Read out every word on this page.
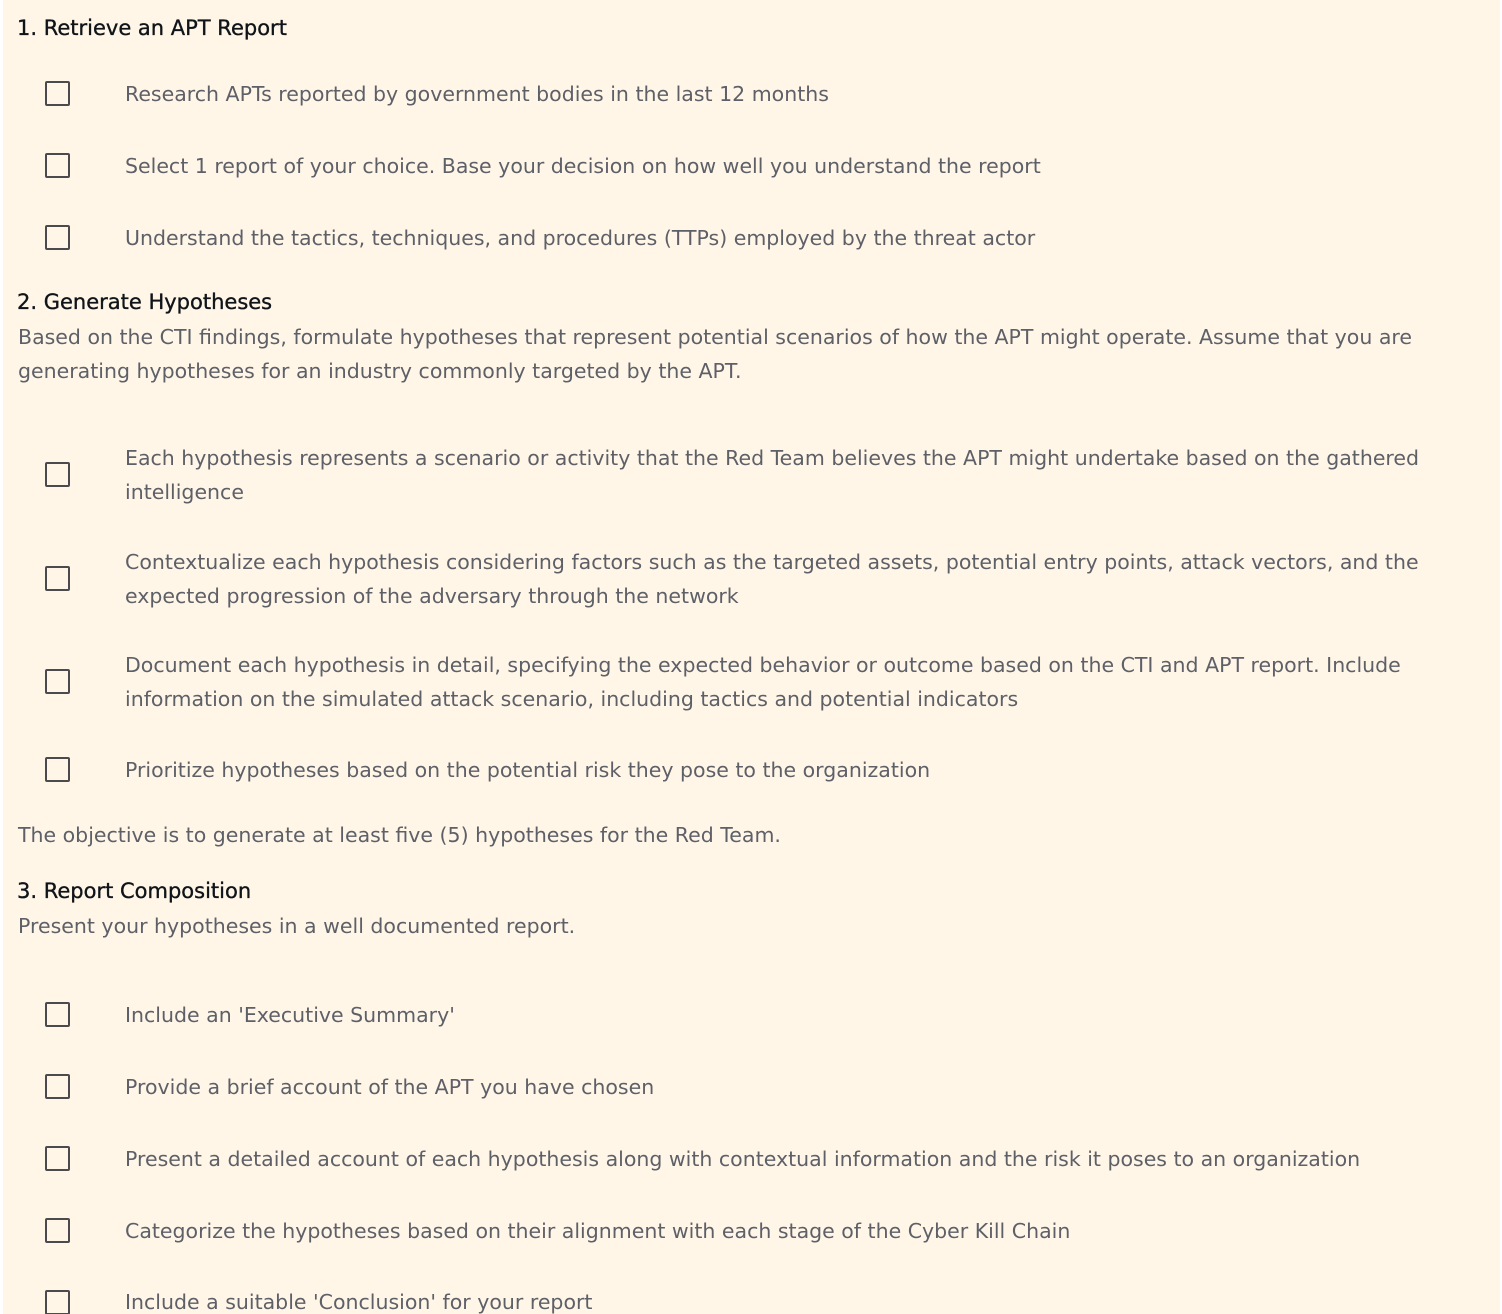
1. Retrieve an APT Report

Research APTs reported by government bodies in the last 12 months

Select 1 report of your choice. Base your decision on how well you understand the report

Understand the tactics, techniques, and procedures (TTPs) employed by the threat actor

2. Generate Hypotheses

Based on the CTI findings, formulate hypotheses that represent potential scenarios of how the APT might operate. Assume that you are generating hypotheses for an industry commonly targeted by the APT.

Each hypothesis represents a scenario or activity that the Red Team believes the APT might undertake based on the gathered intelligence

Contextualize each hypothesis considering factors such as the targeted assets, potential entry points, attack vectors, and the expected progression of the adversary through the network

Document each hypothesis in detail, specifying the expected behavior or outcome based on the CTI and APT report. Include information on the simulated attack scenario, including tactics and potential indicators

Prioritize hypotheses based on the potential risk they pose to the organization

The objective is to generate at least five (5) hypotheses for the Red Team.

3. Report Composition

Present your hypotheses in a well documented report.

Include an 'Executive Summary'

Provide a brief account of the APT you have chosen

Present a detailed account of each hypothesis along with contextual information and the risk it poses to an organization

Categorize the hypotheses based on their alignment with each stage of the Cyber Kill Chain

Include a suitable 'Conclusion' for your report
